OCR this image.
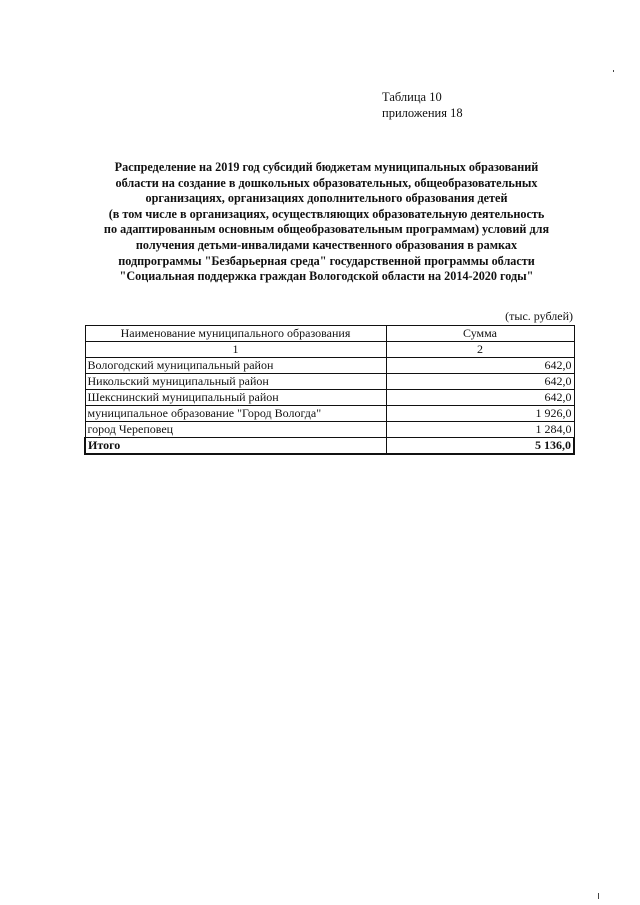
Таблица 10
приложения 18
Распределение на 2019 год субсидий бюджетам муниципальных образований
области на создание в дошкольных образовательных, общеобразовательных
организациях, организациях дополнительного образования детей
(в том числе в организациях, осуществляющих образовательную деятельность
по адаптированным основным общеобразовательным программам) условий для
получения детьми-инвалидами качественного образования в рамках
подпрограммы "Безбарьерная среда" государственной программы области
"Социальная поддержка граждан Вологодской области на 2014-2020 годы"
(тыс. рублей)
Наименование муниципального образования	Сумма
1	2
Вологодский муниципальный район	642,0
Никольский муниципальный район	642,0
Шекснинский муниципальный район	642,0
муниципальное образование "Город Вологда"	1 926,0
город Череповец	1 284,0
Итого	5 136,0
